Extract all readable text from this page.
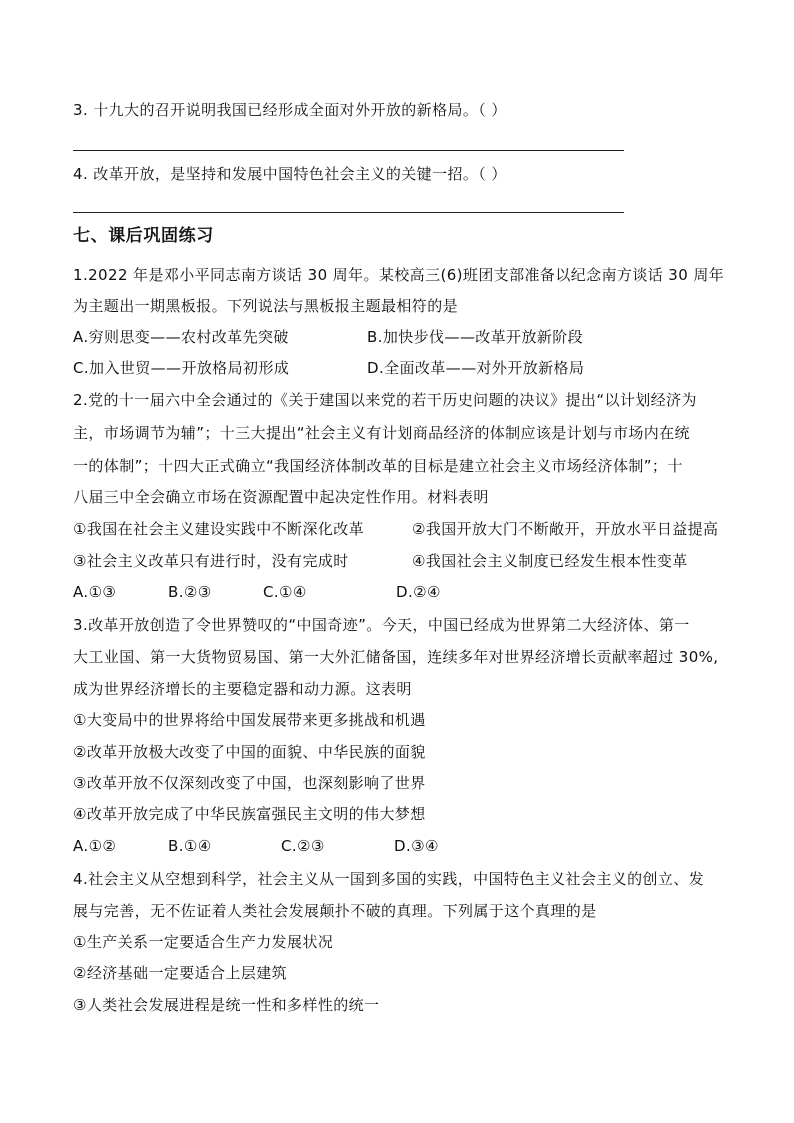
3. 十九大的召开说明我国已经形成全面对外开放的新格局。（ ）
4. 改革开放，是坚持和发展中国特色社会主义的关键一招。（ ）
七、课后巩固练习
1.2022 年是邓小平同志南方谈话 30 周年。某校高三(6)班团支部准备以纪念南方谈话 30 周年
为主题出一期黑板报。下列说法与黑板报主题最相符的是
A.穷则思变——农村改革先突破	B.加快步伐——改革开放新阶段
C.加入世贸——开放格局初形成	D.全面改革——对外开放新格局
2.党的十一届六中全会通过的《关于建国以来党的若干历史问题的决议》提出“以计划经济为
主，市场调节为辅”；十三大提出“社会主义有计划商品经济的体制应该是计划与市场内在统
一的体制”；十四大正式确立“我国经济体制改革的目标是建立社会主义市场经济体制”；十
八届三中全会确立市场在资源配置中起决定性作用。材料表明
①我国在社会主义建设实践中不断深化改革	②我国开放大门不断敞开，开放水平日益提高
③社会主义改革只有进行时，没有完成时	④我国社会主义制度已经发生根本性变革
A.①③	B.②③	C.①④	D.②④
3.改革开放创造了令世界赞叹的“中国奇迹”。今天，中国已经成为世界第二大经济体、第一
大工业国、第一大货物贸易国、第一大外汇储备国，连续多年对世界经济增长贡献率超过 30%,
成为世界经济增长的主要稳定器和动力源。这表明
①大变局中的世界将给中国发展带来更多挑战和机遇
②改革开放极大改变了中国的面貌、中华民族的面貌
③改革开放不仅深刻改变了中国，也深刻影响了世界
④改革开放完成了中华民族富强民主文明的伟大梦想
A.①②	B.①④	C.②③	D.③④
4.社会主义从空想到科学，社会主义从一国到多国的实践，中国特色主义社会主义的创立、发
展与完善，无不佐证着人类社会发展颠扑不破的真理。下列属于这个真理的是
①生产关系一定要适合生产力发展状况
②经济基础一定要适合上层建筑
③人类社会发展进程是统一性和多样性的统一
